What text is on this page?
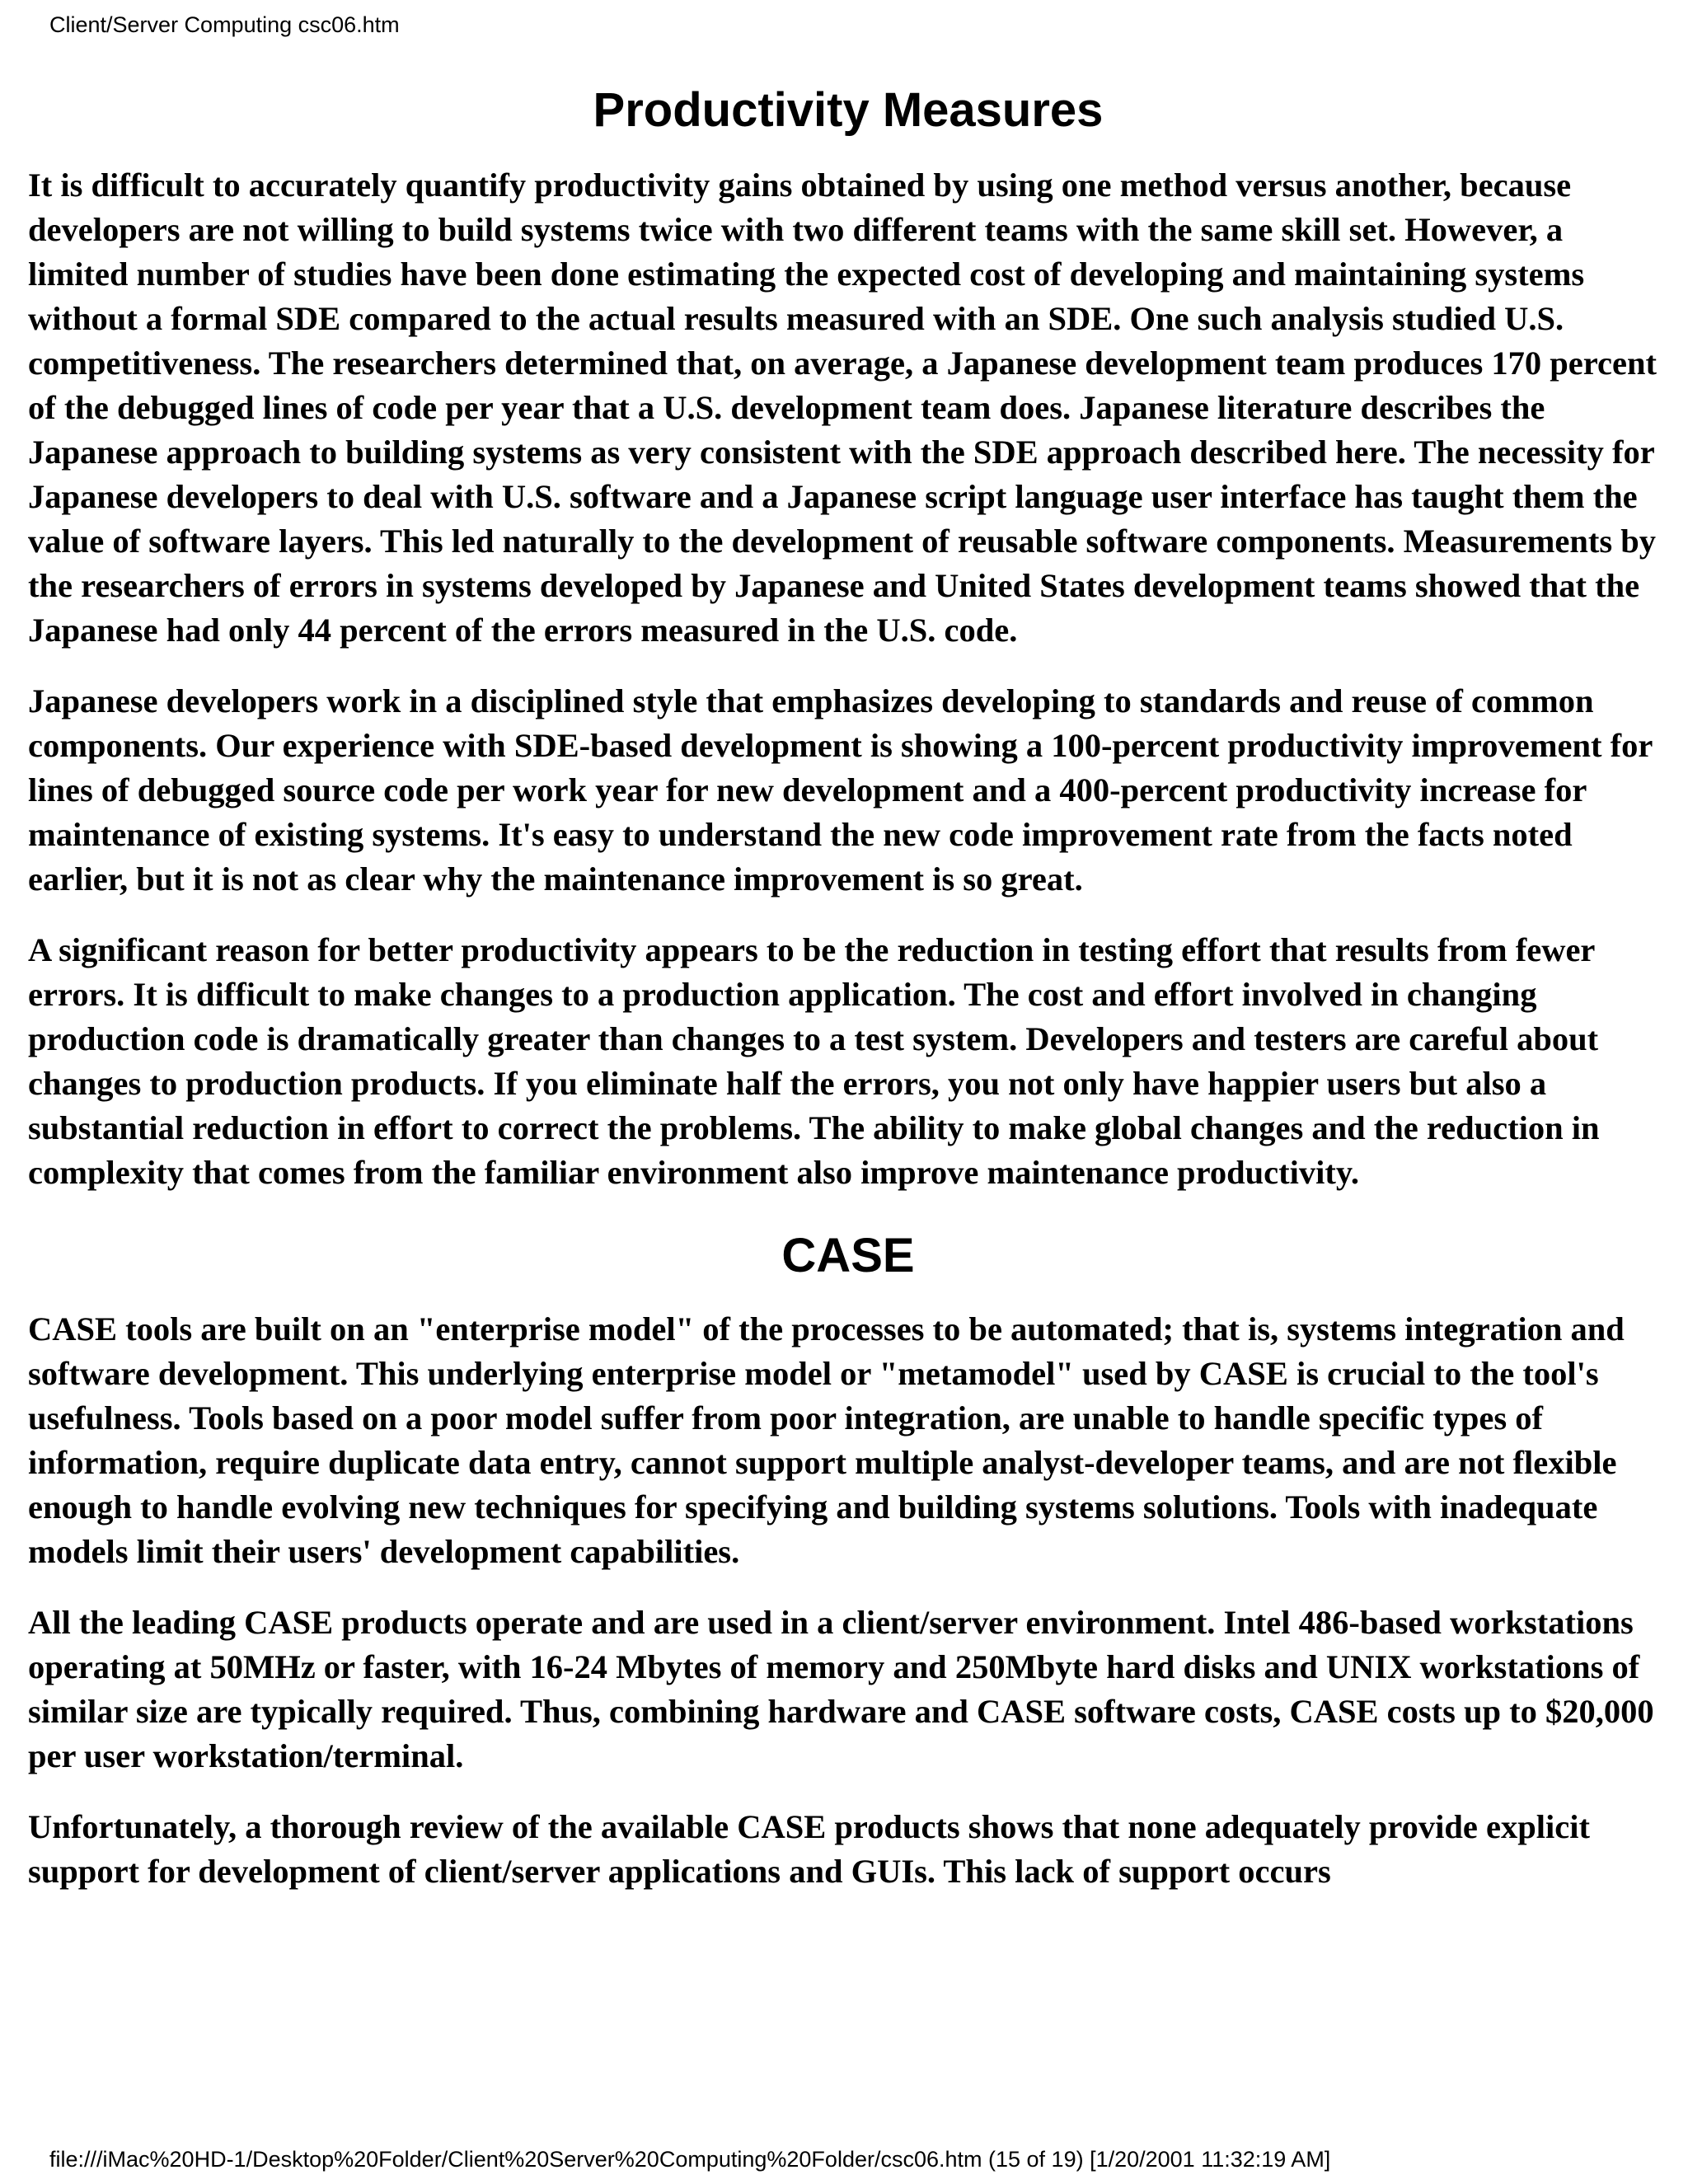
Client/Server Computing csc06.htm
Productivity Measures

It is difficult to accurately quantify productivity gains obtained by using one method versus another, because developers are not willing to build systems twice with two different teams with the same skill set. However, a limited number of studies have been done estimating the expected cost of developing and maintaining systems without a formal SDE compared to the actual results measured with an SDE. One such analysis studied U.S. competitiveness. The researchers determined that, on average, a Japanese development team produces 170 percent of the debugged lines of code per year that a U.S. development team does. Japanese literature describes the Japanese approach to building systems as very consistent with the SDE approach described here. The necessity for Japanese developers to deal with U.S. software and a Japanese script language user interface has taught them the value of software layers. This led naturally to the development of reusable software components. Measurements by the researchers of errors in systems developed by Japanese and United States development teams showed that the Japanese had only 44 percent of the errors measured in the U.S. code.

Japanese developers work in a disciplined style that emphasizes developing to standards and reuse of common components. Our experience with SDE-based development is showing a 100-percent productivity improvement for lines of debugged source code per work year for new development and a 400-percent productivity increase for maintenance of existing systems. It's easy to understand the new code improvement rate from the facts noted earlier, but it is not as clear why the maintenance improvement is so great.

A significant reason for better productivity appears to be the reduction in testing effort that results from fewer errors. It is difficult to make changes to a production application. The cost and effort involved in changing production code is dramatically greater than changes to a test system. Developers and testers are careful about changes to production products. If you eliminate half the errors, you not only have happier users but also a substantial reduction in effort to correct the problems. The ability to make global changes and the reduction in complexity that comes from the familiar environment also improve maintenance productivity.

CASE

CASE tools are built on an "enterprise model" of the processes to be automated; that is, systems integration and software development. This underlying enterprise model or "metamodel" used by CASE is crucial to the tool's usefulness. Tools based on a poor model suffer from poor integration, are unable to handle specific types of information, require duplicate data entry, cannot support multiple analyst-developer teams, and are not flexible enough to handle evolving new techniques for specifying and building systems solutions. Tools with inadequate models limit their users' development capabilities.

All the leading CASE products operate and are used in a client/server environment. Intel 486-based workstations operating at 50MHz or faster, with 16-24 Mbytes of memory and 250Mbyte hard disks and UNIX workstations of similar size are typically required. Thus, combining hardware and CASE software costs, CASE costs up to $20,000 per user workstation/terminal.

Unfortunately, a thorough review of the available CASE products shows that none adequately provide explicit support for development of client/server applications and GUIs. This lack of support occurs

file:///iMac%20HD-1/Desktop%20Folder/Client%20Server%20Computing%20Folder/csc06.htm (15 of 19) [1/20/2001 11:32:19 AM]
